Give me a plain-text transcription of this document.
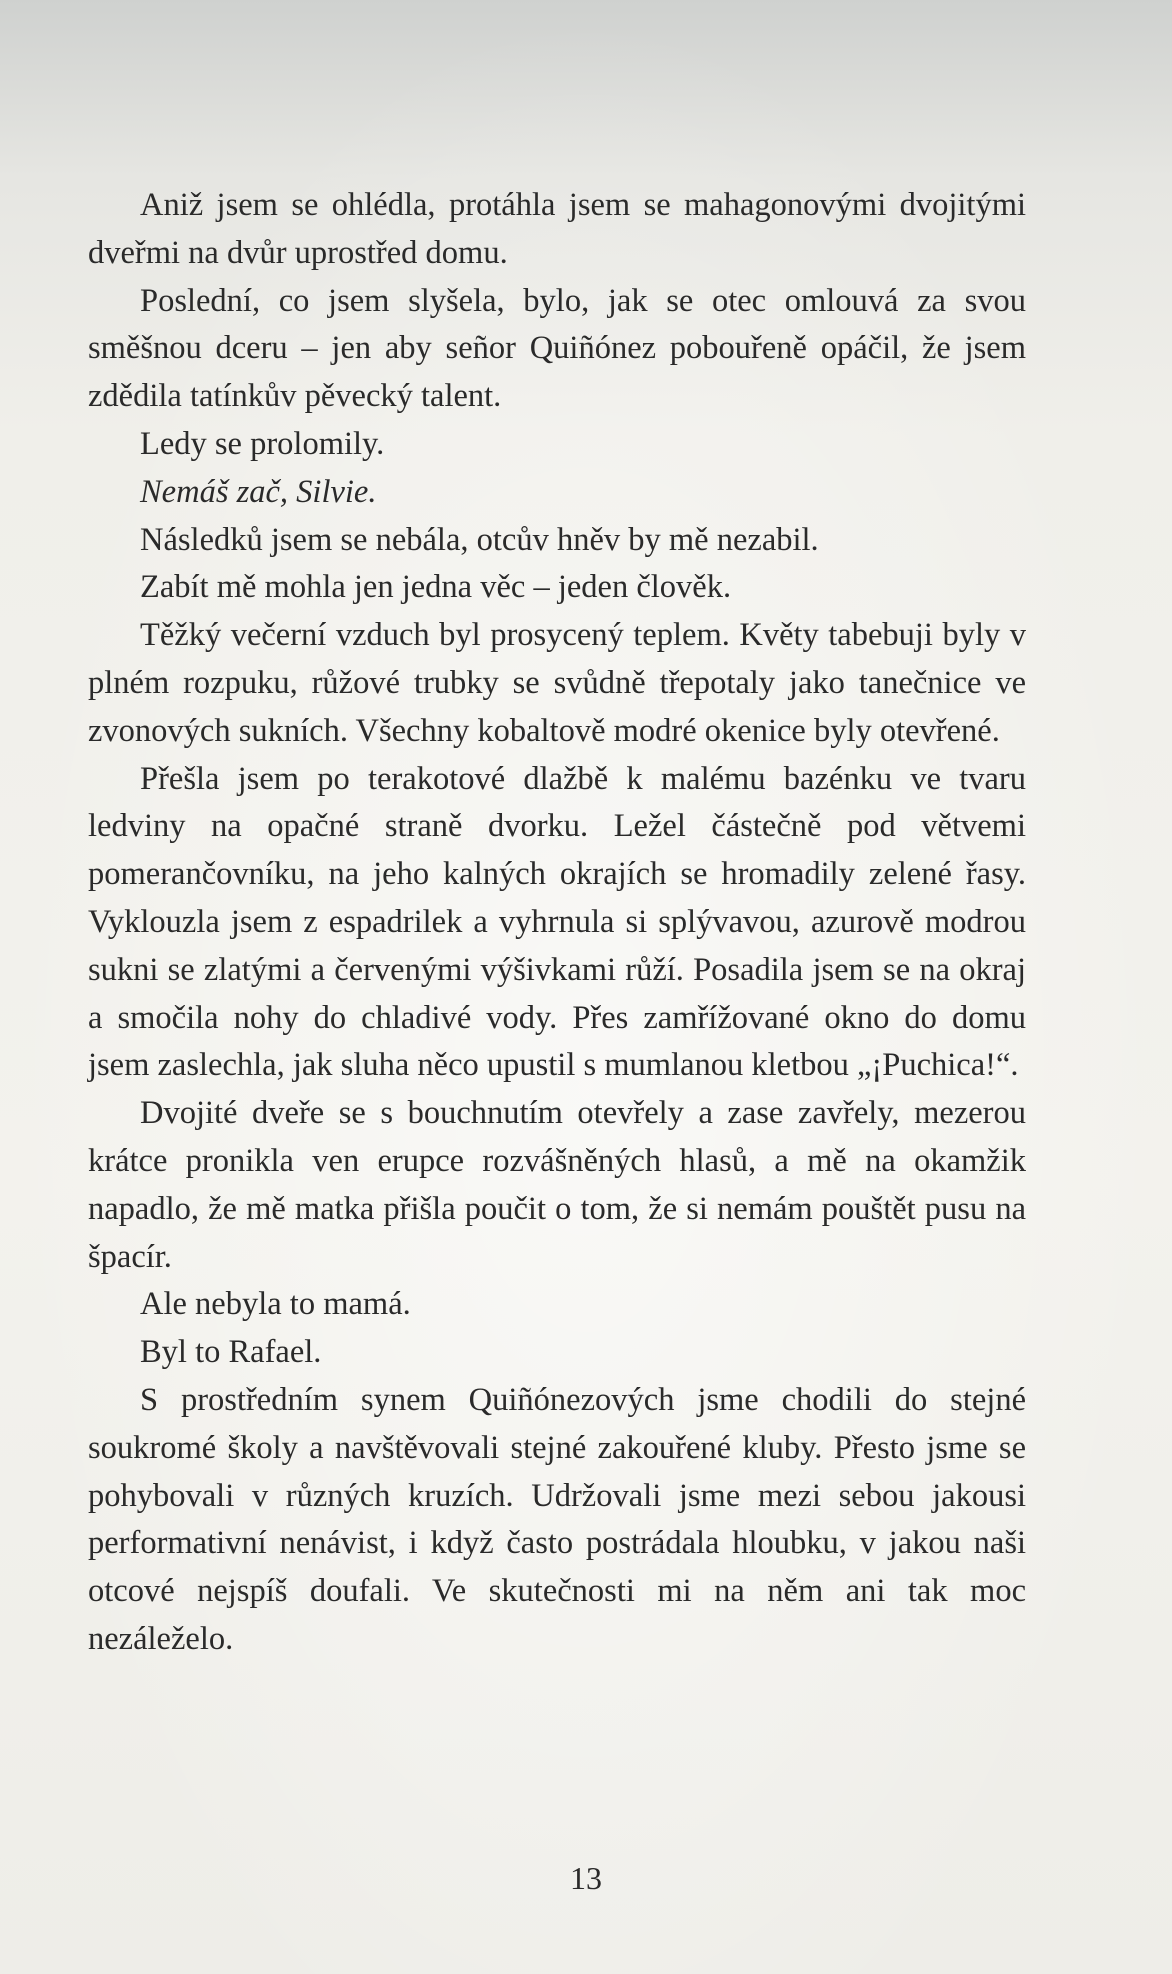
Aniž jsem se ohlédla, protáhla jsem se mahagonovými dvojitými dveřmi na dvůr uprostřed domu.

Poslední, co jsem slyšela, bylo, jak se otec omlouvá za svou směšnou dceru – jen aby señor Quiñónez pobouřeně opáčil, že jsem zdědila tatínkův pěvecký talent.

Ledy se prolomily.

Nemáš zač, Silvie.

Následků jsem se nebála, otcův hněv by mě nezabil.

Zabít mě mohla jen jedna věc – jeden člověk.

Těžký večerní vzduch byl prosycený teplem. Květy tabebuji byly v plném rozpuku, růžové trubky se svůdně třepotaly jako tanečnice ve zvonových sukních. Všechny kobaltově modré okenice byly otevřené.

Přešla jsem po terakotové dlažbě k malému bazénku ve tvaru ledviny na opačné straně dvorku. Ležel částečně pod větvemi pomerančovníku, na jeho kalných okrajích se hromadily zelené řasy. Vyklouzla jsem z espadrilek a vyhrnula si splývavou, azurově modrou sukni se zlatými a červenými výšivkami růží. Posadila jsem se na okraj a smočila nohy do chladivé vody. Přes zamřížované okno do domu jsem zaslechla, jak sluha něco upustil s mumlanou kletbou „¡Puchica!“.

Dvojité dveře se s bouchnutím otevřely a zase zavřely, mezerou krátce pronikla ven erupce rozvášněných hlasů, a mě na okamžik napadlo, že mě matka přišla poučit o tom, že si nemám pouštět pusu na špacír.

Ale nebyla to mamá.

Byl to Rafael.

S prostředním synem Quiñónezových jsme chodili do stejné soukromé školy a navštěvovali stejné zakouřené kluby. Přesto jsme se pohybovali v různých kruzích. Udržovali jsme mezi sebou jakousi performativní nenávist, i když často postrádala hloubku, v jakou naši otcové nejspíš doufali. Ve skutečnosti mi na něm ani tak moc nezáleželo.

13
